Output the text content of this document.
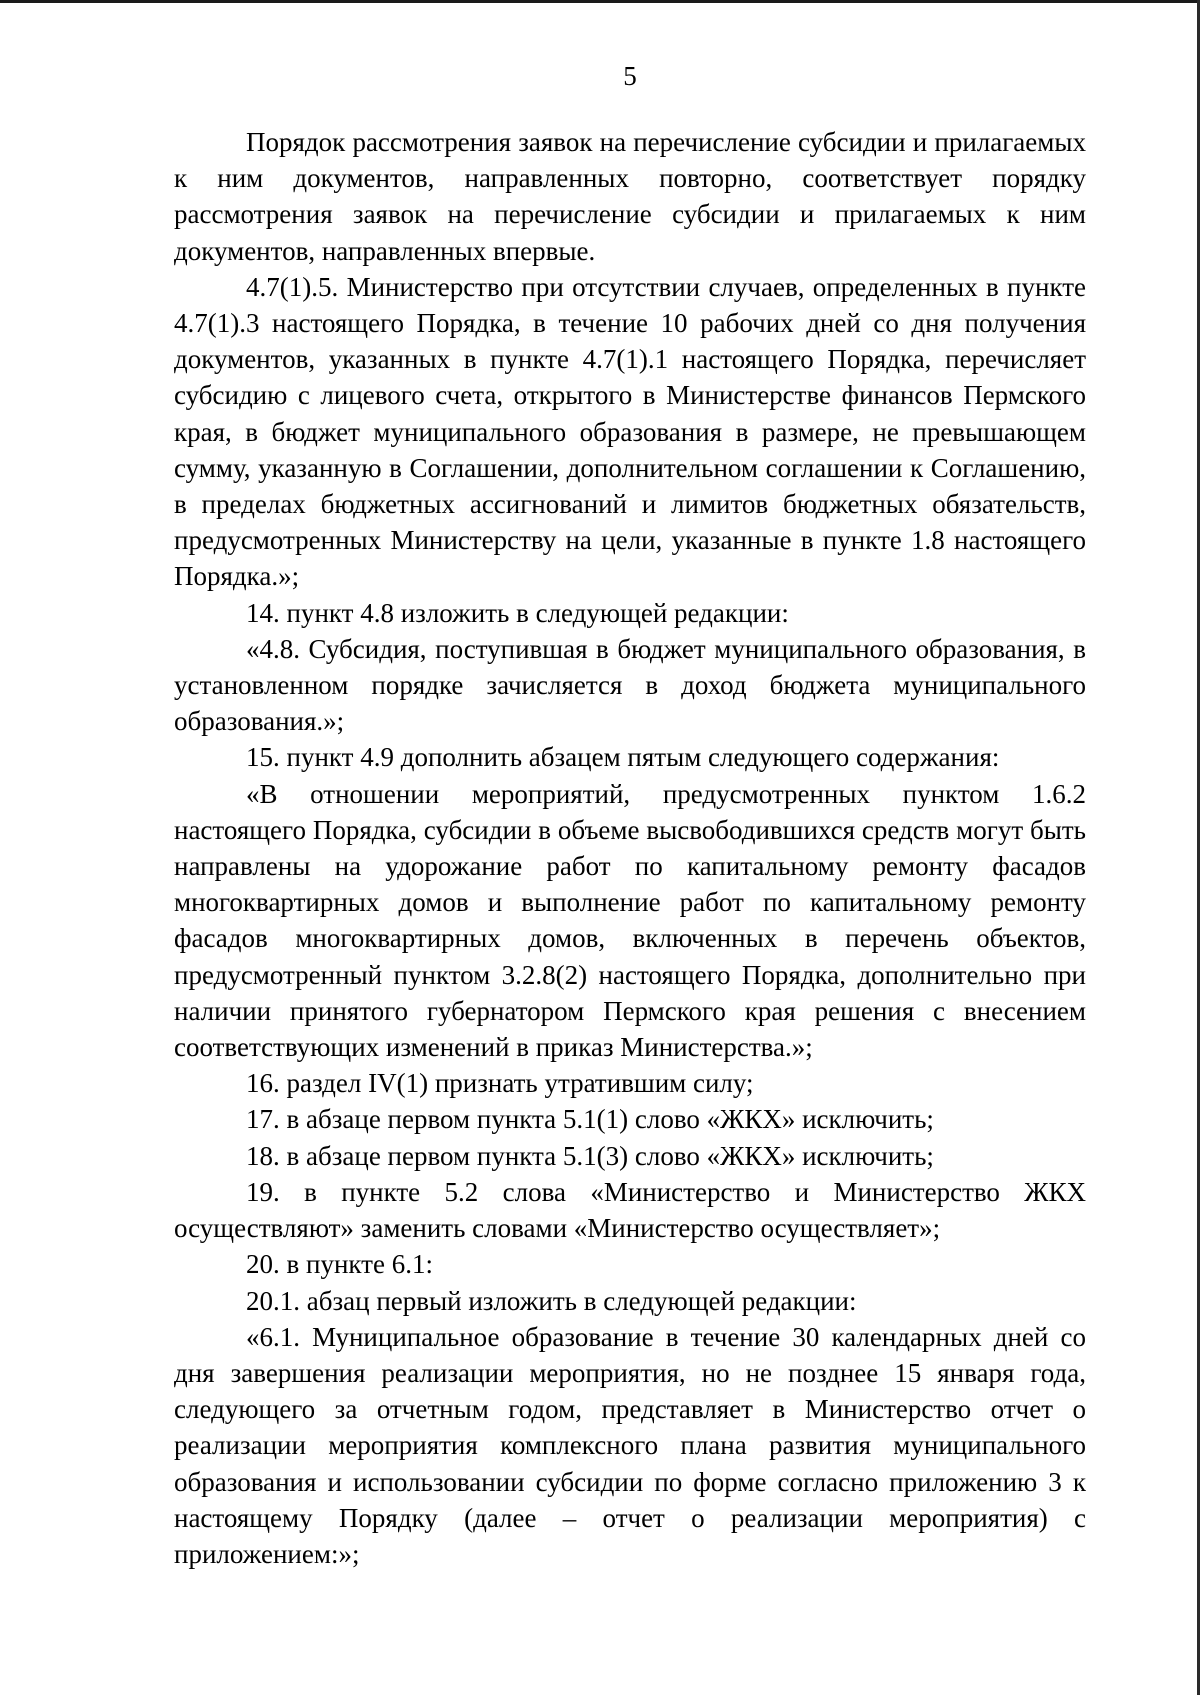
5

Порядок рассмотрения заявок на перечисление субсидии и прилагаемых к ним документов, направленных повторно, соответствует порядку рассмотрения заявок на перечисление субсидии и прилагаемых к ним документов, направленных впервые.

4.7(1).5. Министерство при отсутствии случаев, определенных в пункте 4.7(1).3 настоящего Порядка, в течение 10 рабочих дней со дня получения документов, указанных в пункте 4.7(1).1 настоящего Порядка, перечисляет субсидию с лицевого счета, открытого в Министерстве финансов Пермского края, в бюджет муниципального образования в размере, не превышающем сумму, указанную в Соглашении, дополнительном соглашении к Соглашению, в пределах бюджетных ассигнований и лимитов бюджетных обязательств, предусмотренных Министерству на цели, указанные в пункте 1.8 настоящего Порядка.»;

14. пункт 4.8 изложить в следующей редакции:

«4.8. Субсидия, поступившая в бюджет муниципального образования, в установленном порядке зачисляется в доход бюджета муниципального образования.»;

15. пункт 4.9 дополнить абзацем пятым следующего содержания:

«В отношении мероприятий, предусмотренных пунктом 1.6.2 настоящего Порядка, субсидии в объеме высвободившихся средств могут быть направлены на удорожание работ по капитальному ремонту фасадов многоквартирных домов и выполнение работ по капитальному ремонту фасадов многоквартирных домов, включенных в перечень объектов, предусмотренный пунктом 3.2.8(2) настоящего Порядка, дополнительно при наличии принятого губернатором Пермского края решения с внесением соответствующих изменений в приказ Министерства.»;

16. раздел IV(1) признать утратившим силу;

17. в абзаце первом пункта 5.1(1) слово «ЖКХ» исключить;

18. в абзаце первом пункта 5.1(3) слово «ЖКХ» исключить;

19. в пункте 5.2 слова «Министерство и Министерство ЖКХ осуществляют» заменить словами «Министерство осуществляет»;

20. в пункте 6.1:

20.1. абзац первый изложить в следующей редакции:

«6.1. Муниципальное образование в течение 30 календарных дней со дня завершения реализации мероприятия, но не позднее 15 января года, следующего за отчетным годом, представляет в Министерство отчет о реализации мероприятия комплексного плана развития муниципального образования и использовании субсидии по форме согласно приложению 3 к настоящему Порядку (далее – отчет о реализации мероприятия) с приложением:»;
